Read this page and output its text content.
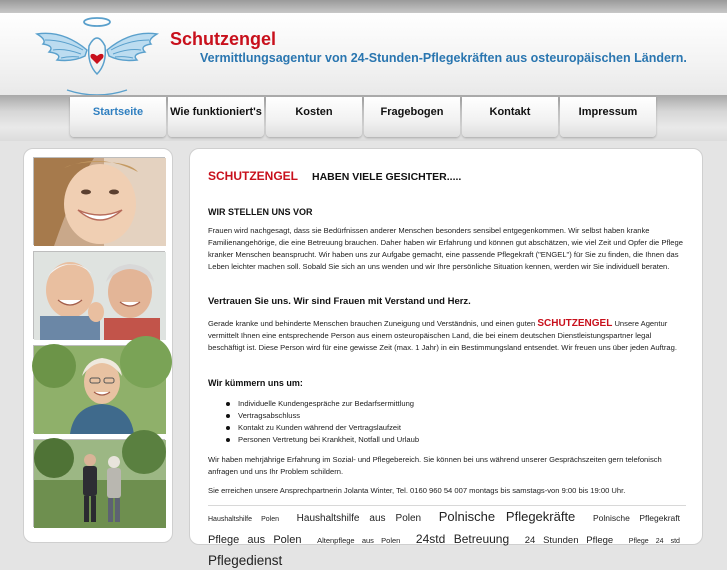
Schutzengel
Vermittlungsagentur von 24-Stunden-Pflegekräften aus osteuropäischen Ländern.
Startseite	Wie funktioniert's	Kosten	Fragebogen	Kontakt	Impressum
SCHUTZENGEL HABEN VIELE GESICHTER.....
WIR STELLEN UNS VOR

Frauen wird nachgesagt, dass sie Bedürfnissen anderer Menschen besonders sensibel entgegenkommen. Wir selbst haben kranke Familienangehörige, die eine Betreuung brauchen. Daher haben wir Erfahrung und können gut abschätzen, wie viel Zeit und Opfer die Pflege kranker Menschen beansprucht. Wir haben uns zur Aufgabe gemacht, eine passende Pflegekraft ("ENGEL") für Sie zu finden, die Ihnen das Leben leichter machen soll. Sobald Sie sich an uns wenden und wir Ihre persönliche Situation kennen, werden wir Sie individuell beraten.

Vertrauen Sie uns. Wir sind Frauen mit Verstand und Herz.

Gerade kranke und behinderte Menschen brauchen Zuneigung und Verständnis, und einen guten SCHUTZENGEL Unsere Agentur vermittelt Ihnen eine entsprechende Person aus einem osteuropäischen Land, die bei einem deutschen Dienstleistungspartner legal beschäftigt ist. Diese Person wird für eine gewisse Zeit (max. 1 Jahr) in ein Bestimmungsland entsendet. Wir freuen uns über jeden Auftrag.

Wir kümmern uns um:
Individuelle Kundengespräche zur Bedarfsermittlung
Vertragsabschluss
Kontakt zu Kunden während der Vertragslaufzeit
Personen Vertretung bei Krankheit, Notfall und Urlaub

Wir haben mehrjährige Erfahrung im Sozial- und Pflegebereich. Sie können bei uns während unserer Gesprächszeiten gern telefonisch anfragen und uns Ihr Problem schildern.

Sie erreichen unsere Ansprechpartnerin Jolanta Winter, Tel. 0160 960 54 007 montags bis samstags-von 9:00 bis 19:00 Uhr.

Haushaltshilfe Polen Haushaltshilfe aus Polen Polnische Pflegekräfte Polnische Pflegekraft Pflege aus Polen Altenpflege aus Polen 24std Betreuung 24 Stunden Pflege Pflege 24 std Pflegedienst
